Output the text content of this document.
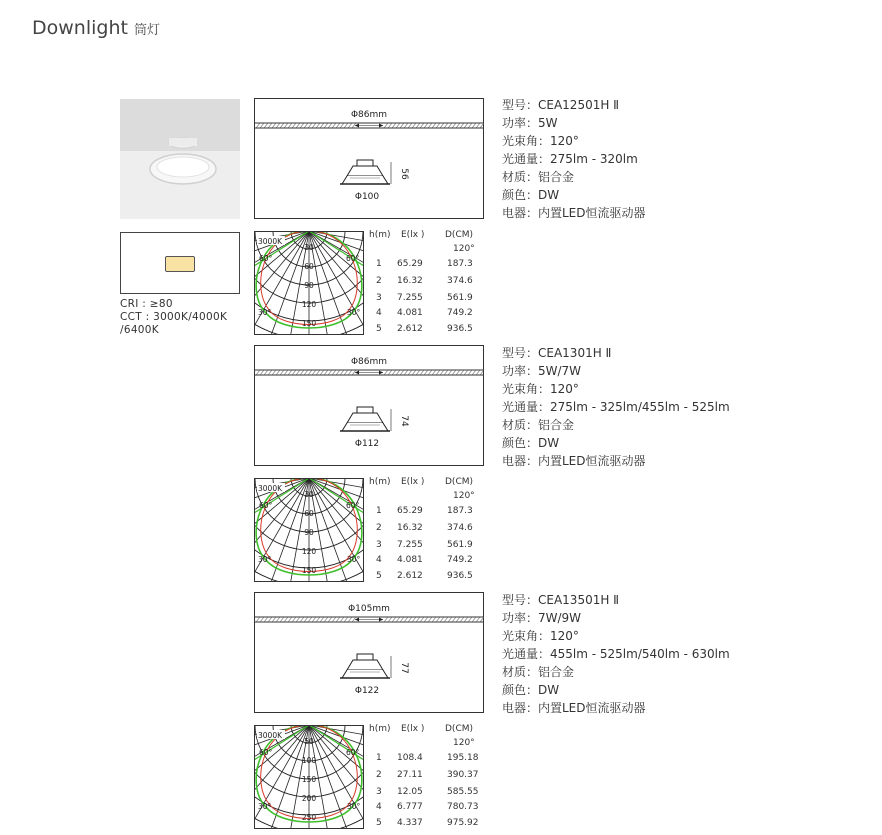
Downlight 筒灯
CRI : ≥80
CCT : 3000K/4000K
/6400K
Φ86mm
56
Φ100
Φ86mm
74
Φ112
Φ105mm
77
Φ122
3000K
60°	60°
30°	30°
30
60
90
120
150
3000K
60°	60°
30°	30°
30
60
90
120
150
3000K
60°	60°
30°	30°
50
100
150
200
250
h(m) E(lx ) D(CM)
120°
1 65.29	187.3
2 16.32	374.6
3 7.255	561.9
4 4.081	749.2
5 2.612	936.5
h(m) E(lx ) D(CM)
120°
1 65.29	187.3
2 16.32	374.6
3 7.255	561.9
4 4.081	749.2
5 2.612	936.5
h(m) E(lx ) D(CM)
120°
1 108.4	195.18
2 27.11	390.37
3 12.05	585.55
4 6.777	780.73
5 4.337	975.92
型号：CEA12501H Ⅱ
功率：5W
光束角：120°
光通量：275lm - 320lm
材质：铝合金
颜色：DW
电器：内置LED恒流驱动器
型号：CEA1301H Ⅱ
功率：5W/7W
光束角：120°
光通量：275lm - 325lm/455lm - 525lm
材质：铝合金
颜色：DW
电器：内置LED恒流驱动器
型号：CEA13501H Ⅱ
功率：7W/9W
光束角：120°
光通量：455lm - 525lm/540lm - 630lm
材质：铝合金
颜色：DW
电器：内置LED恒流驱动器
